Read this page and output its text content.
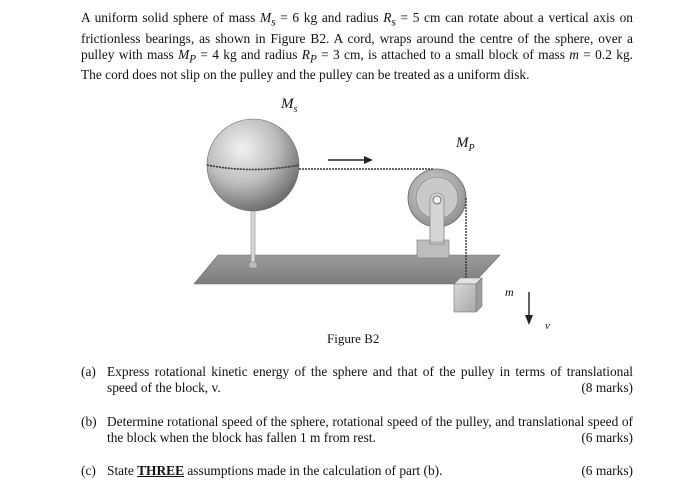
A uniform solid sphere of mass $M_s = 6$ kg and radius $R_s = 5$ cm can rotate about a vertical axis on frictionless bearings, as shown in Figure B2. A cord, wraps around the centre of the sphere, over a pulley with mass $M_P = 4$ kg and radius $R_P = 3$ cm, is attached to a small block of mass m = 0.2 kg. The cord does not slip on the pulley and the pulley can be treated as a uniform disk.
$M_s$
$M_P$
m
v
Figure B2
(a) Express rotational kinetic energy of the sphere and that of the pulley in terms of translational speed of the block, v.	(8 marks)
(b) Determine rotational speed of the sphere, rotational speed of the pulley, and translational speed of the block when the block has fallen 1 m from rest.	(6 marks)
(c) State THREE assumptions made in the calculation of part (b).	(6 marks)
